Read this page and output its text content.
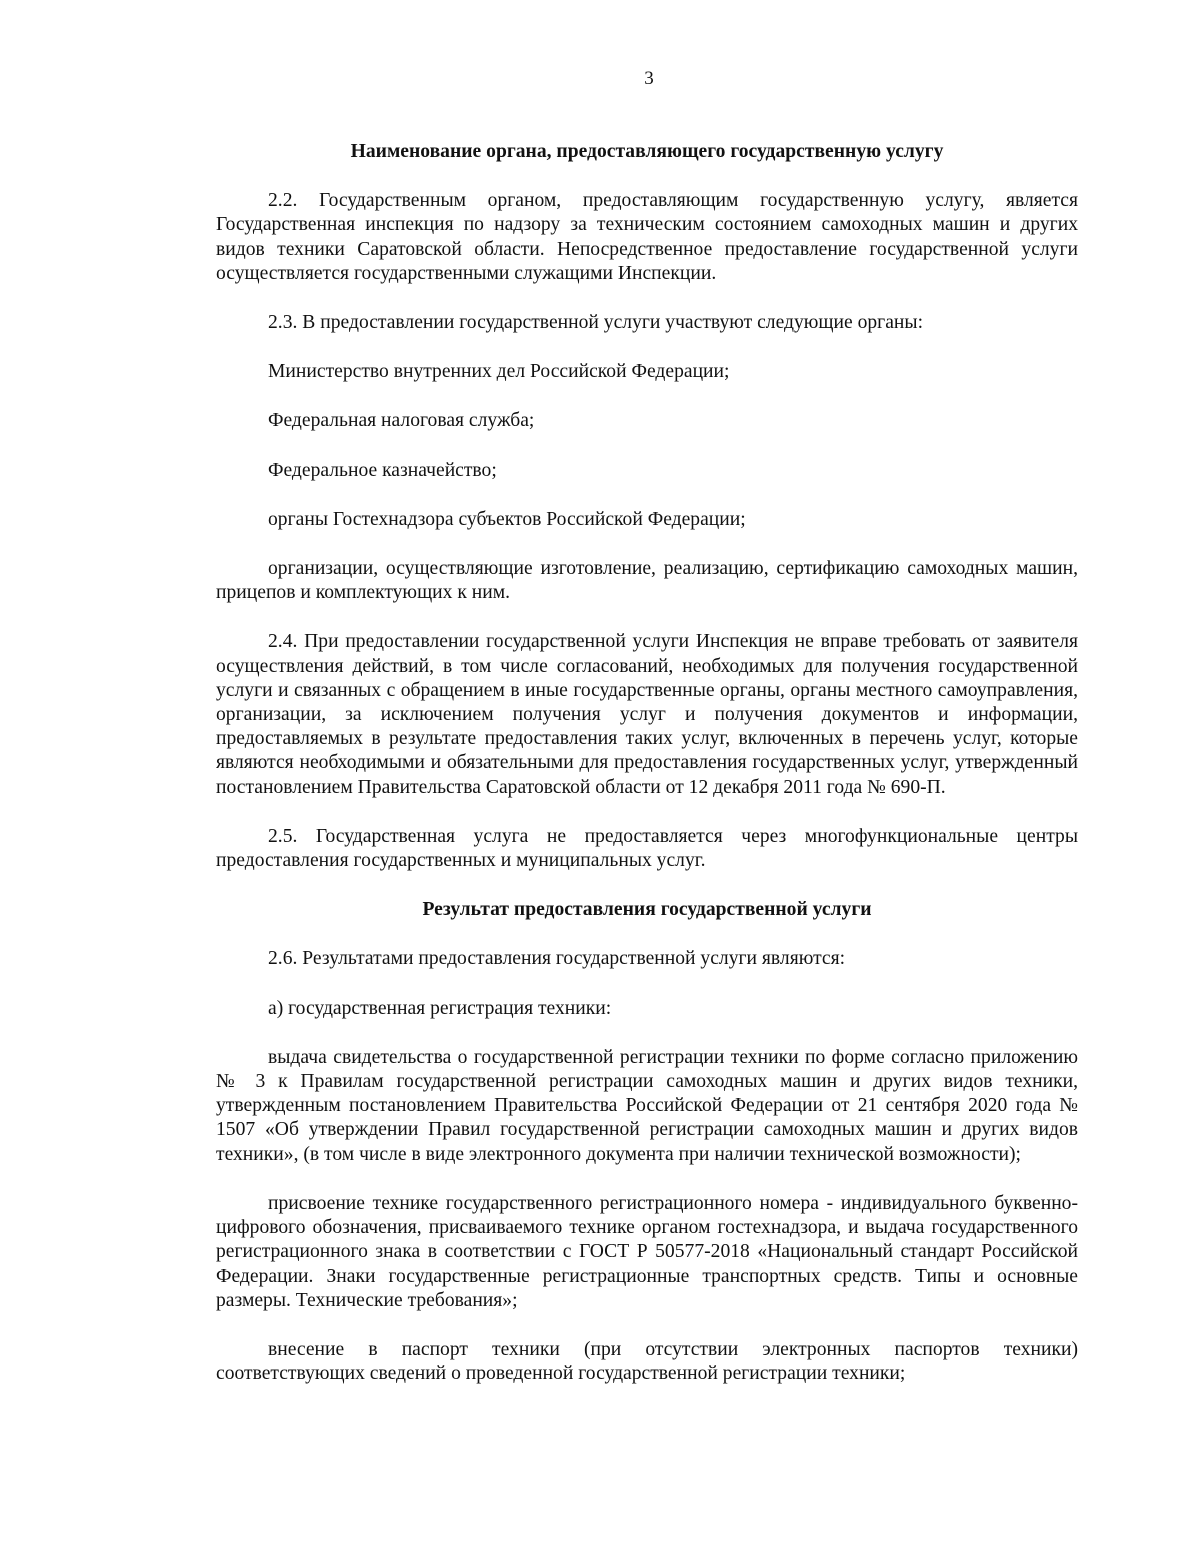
3

Наименование органа, предоставляющего государственную услугу

2.2. Государственным органом, предоставляющим государственную услугу, является Государственная инспекция по надзору за техническим состоянием самоходных машин и других видов техники Саратовской области. Непосредственное предоставление государственной услуги осуществляется государственными служащими Инспекции.

2.3. В предоставлении государственной услуги участвуют следующие органы:

Министерство внутренних дел Российской Федерации;

Федеральная налоговая служба;

Федеральное казначейство;

органы Гостехнадзора субъектов Российской Федерации;

организации, осуществляющие изготовление, реализацию, сертификацию самоходных машин, прицепов и комплектующих к ним.

2.4. При предоставлении государственной услуги Инспекция не вправе требовать от заявителя осуществления действий, в том числе согласований, необходимых для получения государственной услуги и связанных с обращением в иные государственные органы, органы местного самоуправления, организации, за исключением получения услуг и получения документов и информации, предоставляемых в результате предоставления таких услуг, включенных в перечень услуг, которые являются необходимыми и обязательными для предоставления государственных услуг, утвержденный постановлением Правительства Саратовской области от 12 декабря 2011 года № 690-П.

2.5. Государственная услуга не предоставляется через многофункциональные центры предоставления государственных и муниципальных услуг.

Результат предоставления государственной услуги

2.6. Результатами предоставления государственной услуги являются:

а) государственная регистрация техники:

выдача свидетельства о государственной регистрации техники по форме согласно приложению № 3 к Правилам государственной регистрации самоходных машин и других видов техники, утвержденным постановлением Правительства Российской Федерации от 21 сентября 2020 года № 1507 «Об утверждении Правил государственной регистрации самоходных машин и других видов техники», (в том числе в виде электронного документа при наличии технической возможности);

присвоение технике государственного регистрационного номера - индивидуального буквенно-цифрового обозначения, присваиваемого технике органом гостехнадзора, и выдача государственного регистрационного знака в соответствии с ГОСТ Р 50577-2018 «Национальный стандарт Российской Федерации. Знаки государственные регистрационные транспортных средств. Типы и основные размеры. Технические требования»;

внесение в паспорт техники (при отсутствии электронных паспортов техники) соответствующих сведений о проведенной государственной регистрации техники;
